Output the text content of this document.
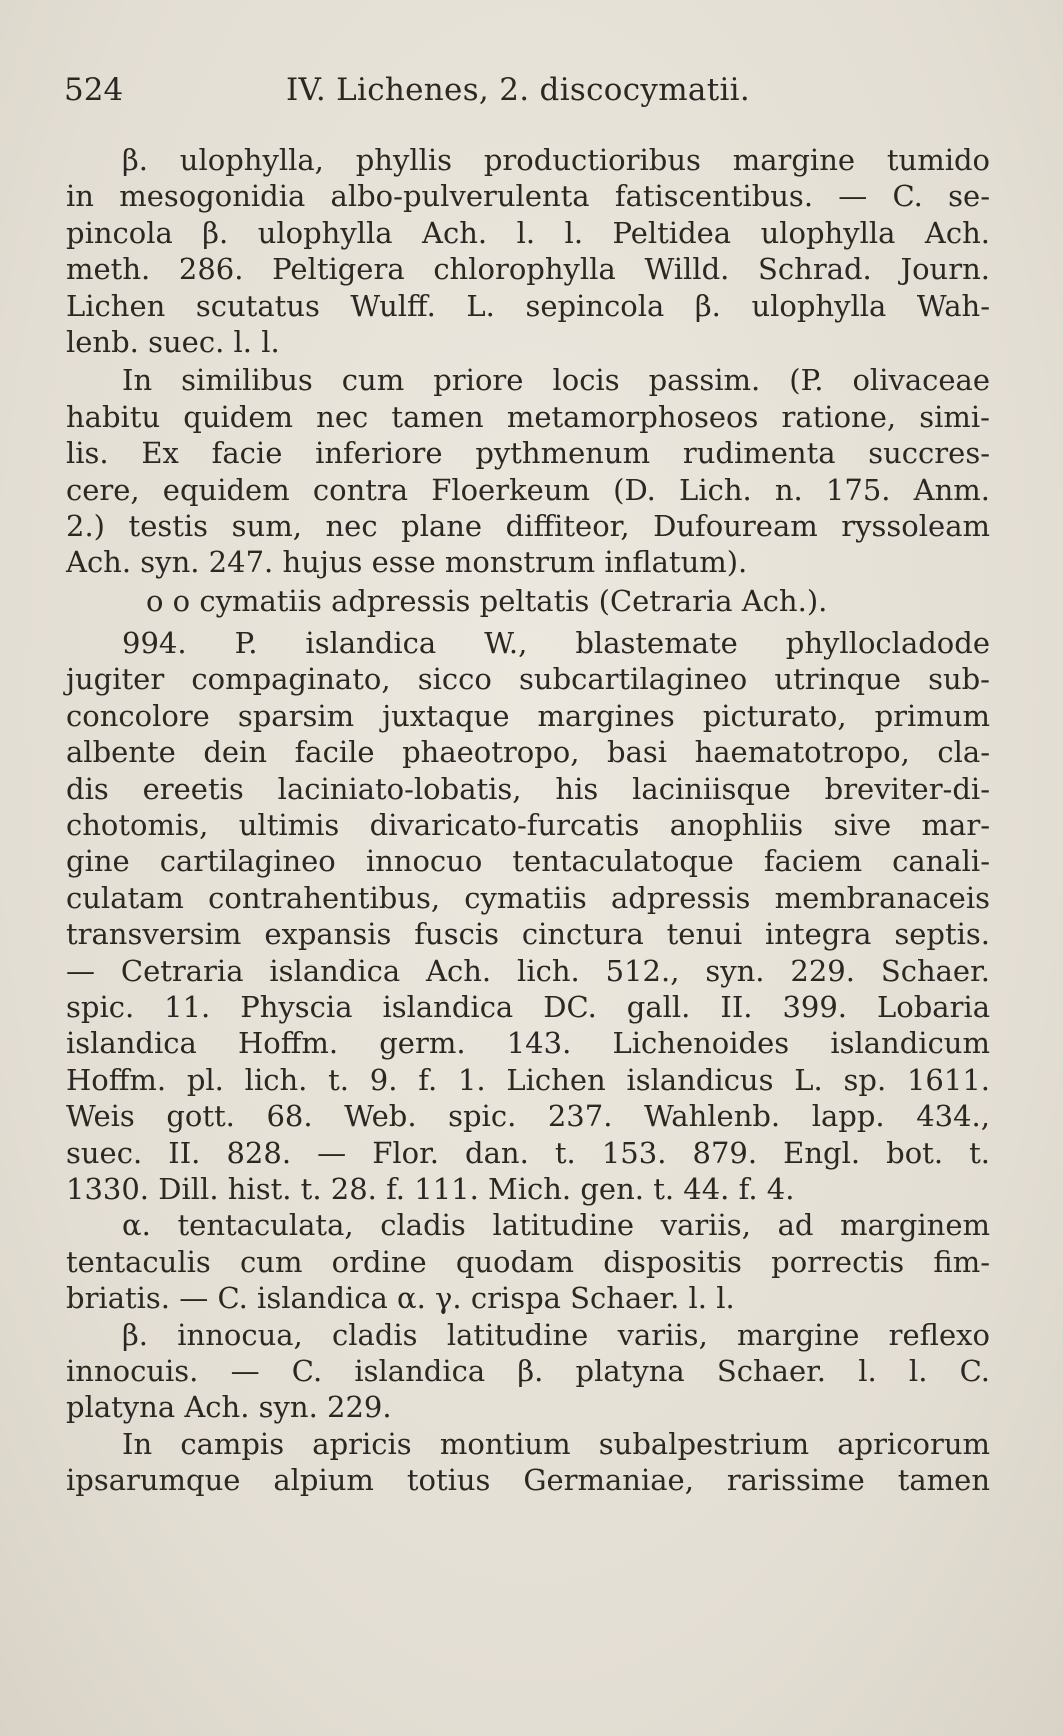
524	IV. Lichenes, 2. discocymatii.
β. ulophylla, phyllis productioribus margine tumido
in mesogonidia albo-pulverulenta fatiscentibus. — C. se-
pincola β. ulophylla Ach. l. l. Peltidea ulophylla Ach.
meth. 286. Peltigera chlorophylla Willd. Schrad. Journ.
Lichen scutatus Wulff. L. sepincola β. ulophylla Wah-
lenb. suec. l. l.
In similibus cum priore locis passim. (P. olivaceae
habitu quidem nec tamen metamorphoseos ratione, simi-
lis. Ex facie inferiore pythmenum rudimenta succres-
cere, equidem contra Floerkeum (D. Lich. n. 175. Anm.
2.) testis sum, nec plane diffiteor, Dufouream ryssoleam
Ach. syn. 247. hujus esse monstrum inflatum).
o o cymatiis adpressis peltatis (Cetraria Ach.).
994. P. islandica W., blastemate phyllocladode
jugiter compaginato, sicco subcartilagineo utrinque sub-
concolore sparsim juxtaque margines picturato, primum
albente dein facile phaeotropo, basi haematotropo, cla-
dis ereetis laciniato-lobatis, his laciniisque breviter-di-
chotomis, ultimis divaricato-furcatis anophliis sive mar-
gine cartilagineo innocuo tentaculatoque faciem canali-
culatam contrahentibus, cymatiis adpressis membranaceis
transversim expansis fuscis cinctura tenui integra septis.
— Cetraria islandica Ach. lich. 512., syn. 229. Schaer.
spic. 11. Physcia islandica DC. gall. II. 399. Lobaria
islandica Hoffm. germ. 143. Lichenoides islandicum
Hoffm. pl. lich. t. 9. f. 1. Lichen islandicus L. sp. 1611.
Weis gott. 68. Web. spic. 237. Wahlenb. lapp. 434.,
suec. II. 828. — Flor. dan. t. 153. 879. Engl. bot. t.
1330. Dill. hist. t. 28. f. 111. Mich. gen. t. 44. f. 4.
α. tentaculata, cladis latitudine variis, ad marginem
tentaculis cum ordine quodam dispositis porrectis fim-
briatis. — C. islandica α. γ. crispa Schaer. l. l.
β. innocua, cladis latitudine variis, margine reflexo
innocuis. — C. islandica β. platyna Schaer. l. l. C.
platyna Ach. syn. 229.
In campis apricis montium subalpestrium apricorum
ipsarumque alpium totius Germaniae, rarissime tamen
